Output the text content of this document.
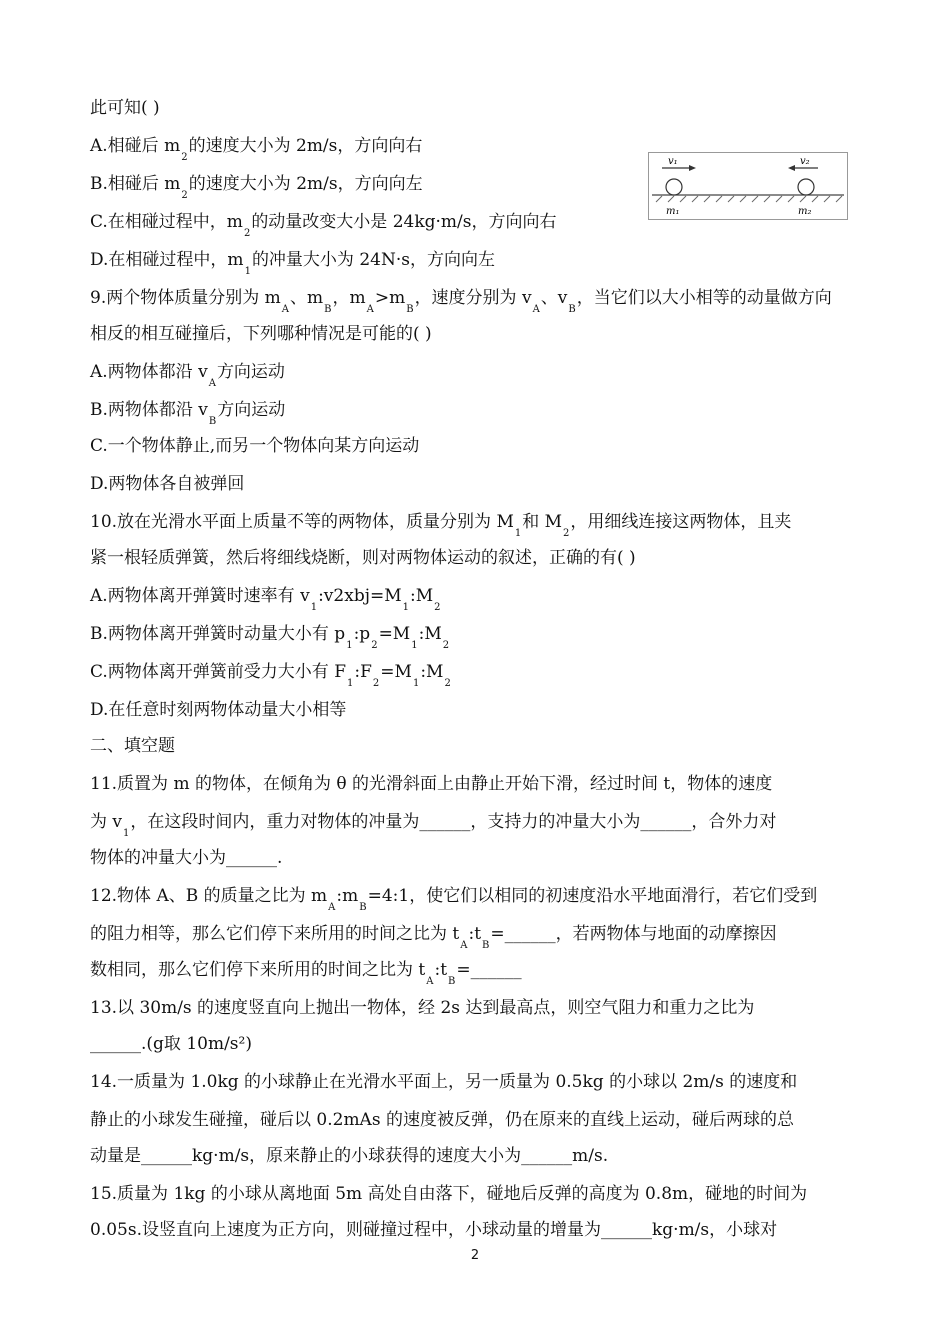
此可知( )
A.相碰后 $m_2$的速度大小为 2m/s，方向向右
B.相碰后 $m_2$的速度大小为 2m/s，方向向左
C.在相碰过程中，$m_2$的动量改变大小是 24kg·m/s，方向向右
D.在相碰过程中，$m_1$的冲量大小为 24N·s，方向向左
9.两个物体质量分别为 $m_A$、$m_B$，$m_A>m_B$，速度分别为 $v_A$、$v_B$，当它们以大小相等的动量做方向
相反的相互碰撞后，下列哪种情况是可能的( )
A.两物体都沿 $v_A$方向运动
B.两物体都沿 $v_B$方向运动
C.一个物体静止,而另一个物体向某方向运动
D.两物体各自被弹回
10.放在光滑水平面上质量不等的两物体，质量分别为 $M_1$和 $M_2$，用细线连接这两物体，且夹
紧一根轻质弹簧，然后将细线烧断，则对两物体运动的叙述，正确的有( )
A.两物体离开弹簧时速率有 $v_1:v2xbj=M_1:M_2$
B.两物体离开弹簧时动量大小有 $p_1:p_2=M_1:M_2$
C.两物体离开弹簧前受力大小有 $F_1:F_2=M_1:M_2$
D.在任意时刻两物体动量大小相等
二、填空题
11.质置为 m 的物体，在倾角为 θ 的光滑斜面上由静止开始下滑，经过时间 t，物体的速度
为 $v_1$，在这段时间内，重力对物体的冲量为______，支持力的冲量大小为______，合外力对
物体的冲量大小为______.
12.物体 A、B 的质量之比为 $m_A:m_B=4:1$，使它们以相同的初速度沿水平地面滑行，若它们受到
的阻力相等，那么它们停下来所用的时间之比为 $t_A:t_B=\_\_\_\_\_\_$，若两物体与地面的动摩擦因
数相同，那么它们停下来所用的时间之比为 $t_A:t_B=\_\_\_\_\_\_$
13.以 30m/s 的速度竖直向上抛出一物体，经 2s 达到最高点，则空气阻力和重力之比为
______.(g取 10m/s²)
14.一质量为 1.0kg 的小球静止在光滑水平面上，另一质量为 0.5kg 的小球以 2m/s 的速度和
静止的小球发生碰撞，碰后以 0.2mAs 的速度被反弹，仍在原来的直线上运动，碰后两球的总
动量是______kg·m/s，原来静止的小球获得的速度大小为______m/s.
15.质量为 1kg 的小球从离地面 5m 高处自由落下，碰地后反弹的高度为 0.8m，碰地的时间为
0.05s.设竖直向上速度为正方向，则碰撞过程中，小球动量的增量为______kg·m/s，小球对
v₁	v₂
m₁	m₂
2
